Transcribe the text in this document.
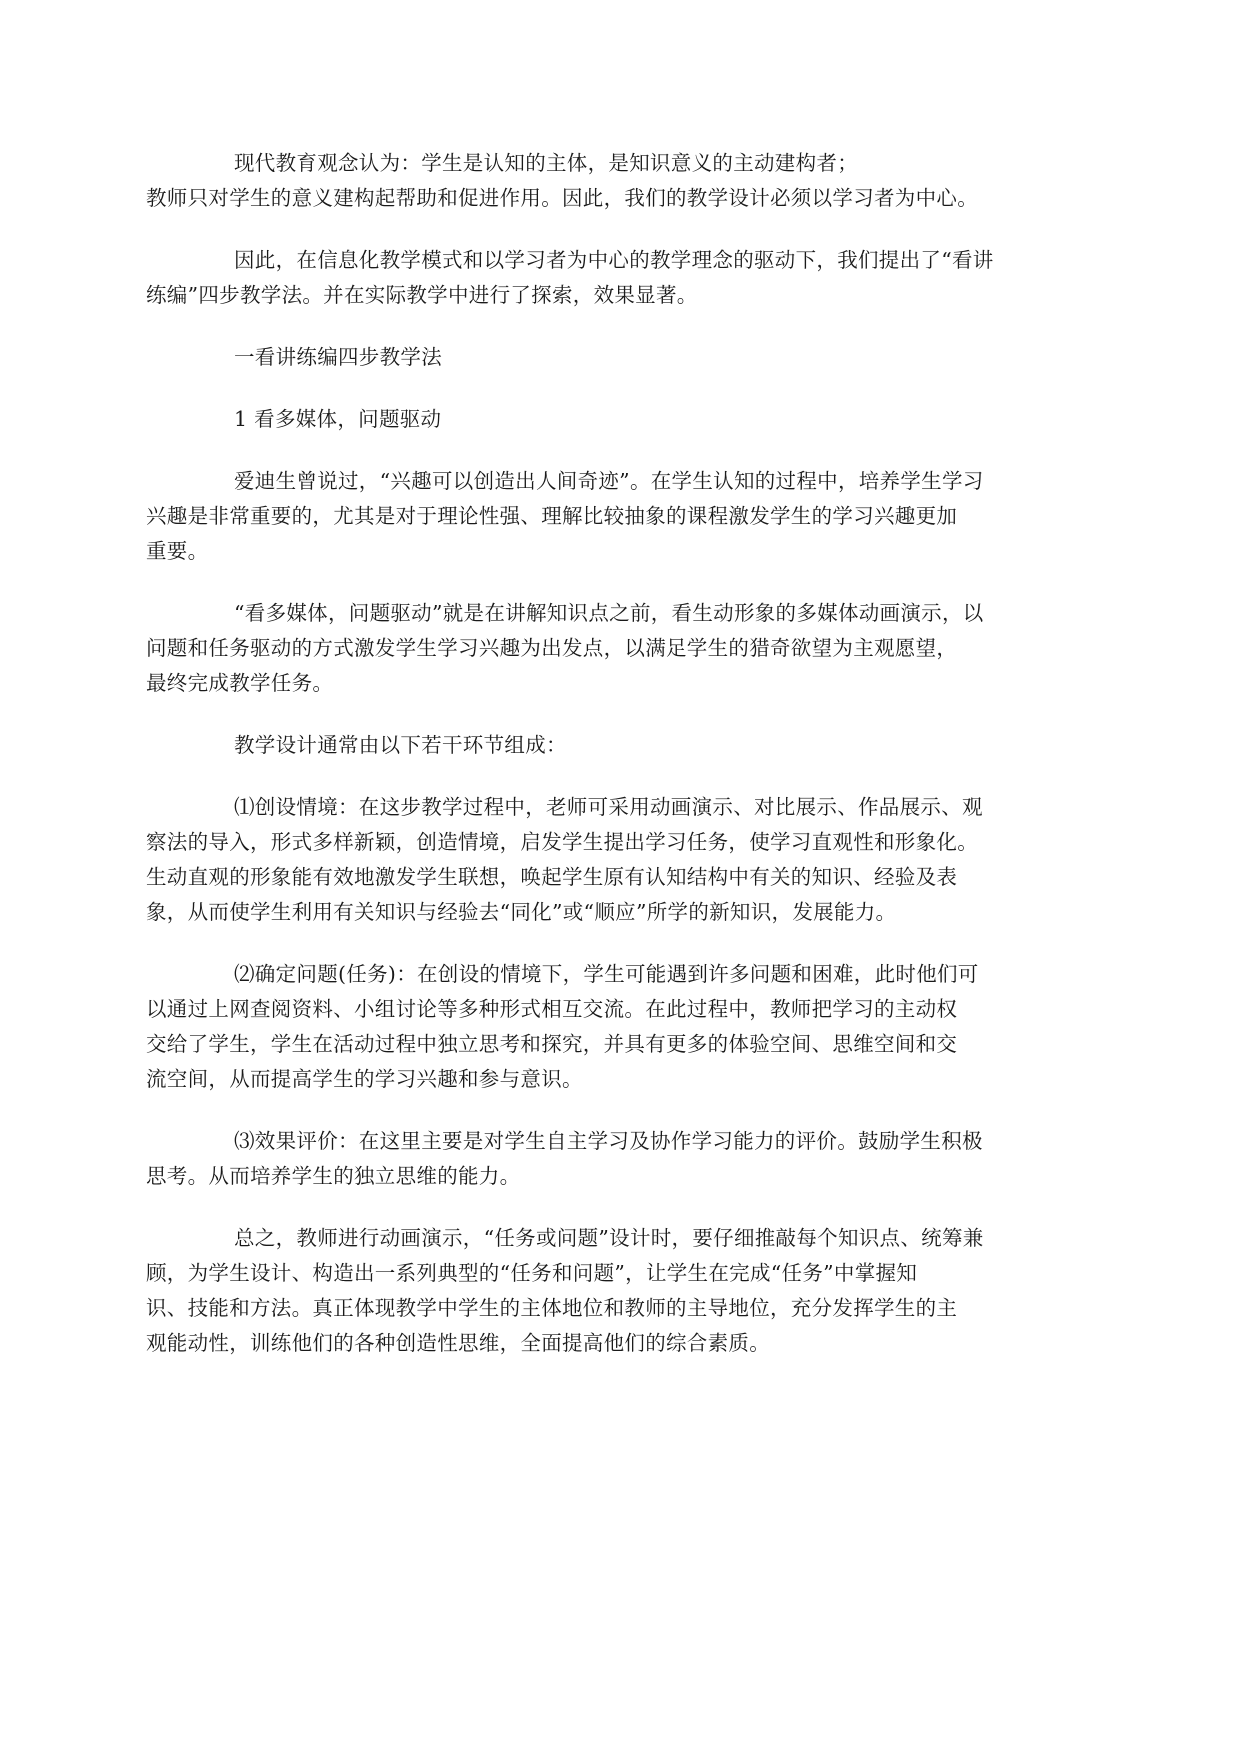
现代教育观念认为：学生是认知的主体，是知识意义的主动建构者；
教师只对学生的意义建构起帮助和促进作用。因此，我们的教学设计必须以学习者为中心。

因此，在信息化教学模式和以学习者为中心的教学理念的驱动下，我们提出了“看讲
练编”四步教学法。并在实际教学中进行了探索，效果显著。

一看讲练编四步教学法

1 看多媒体，问题驱动

爱迪生曾说过，“兴趣可以创造出人间奇迹”。在学生认知的过程中，培养学生学习
兴趣是非常重要的，尤其是对于理论性强、理解比较抽象的课程激发学生的学习兴趣更加
重要。

“看多媒体，问题驱动”就是在讲解知识点之前，看生动形象的多媒体动画演示，以
问题和任务驱动的方式激发学生学习兴趣为出发点，以满足学生的猎奇欲望为主观愿望，
最终完成教学任务。

教学设计通常由以下若干环节组成：

⑴创设情境：在这步教学过程中，老师可采用动画演示、对比展示、作品展示、观
察法的导入，形式多样新颖，创造情境，启发学生提出学习任务，使学习直观性和形象化。
生动直观的形象能有效地激发学生联想，唤起学生原有认知结构中有关的知识、经验及表
象，从而使学生利用有关知识与经验去“同化”或“顺应”所学的新知识，发展能力。

⑵确定问题(任务)：在创设的情境下，学生可能遇到许多问题和困难，此时他们可
以通过上网查阅资料、小组讨论等多种形式相互交流。在此过程中，教师把学习的主动权
交给了学生，学生在活动过程中独立思考和探究，并具有更多的体验空间、思维空间和交
流空间，从而提高学生的学习兴趣和参与意识。

⑶效果评价：在这里主要是对学生自主学习及协作学习能力的评价。鼓励学生积极
思考。从而培养学生的独立思维的能力。

总之，教师进行动画演示，“任务或问题”设计时，要仔细推敲每个知识点、统筹兼
顾，为学生设计、构造出一系列典型的“任务和问题”，让学生在完成“任务”中掌握知
识、技能和方法。真正体现教学中学生的主体地位和教师的主导地位，充分发挥学生的主
观能动性，训练他们的各种创造性思维，全面提高他们的综合素质。
